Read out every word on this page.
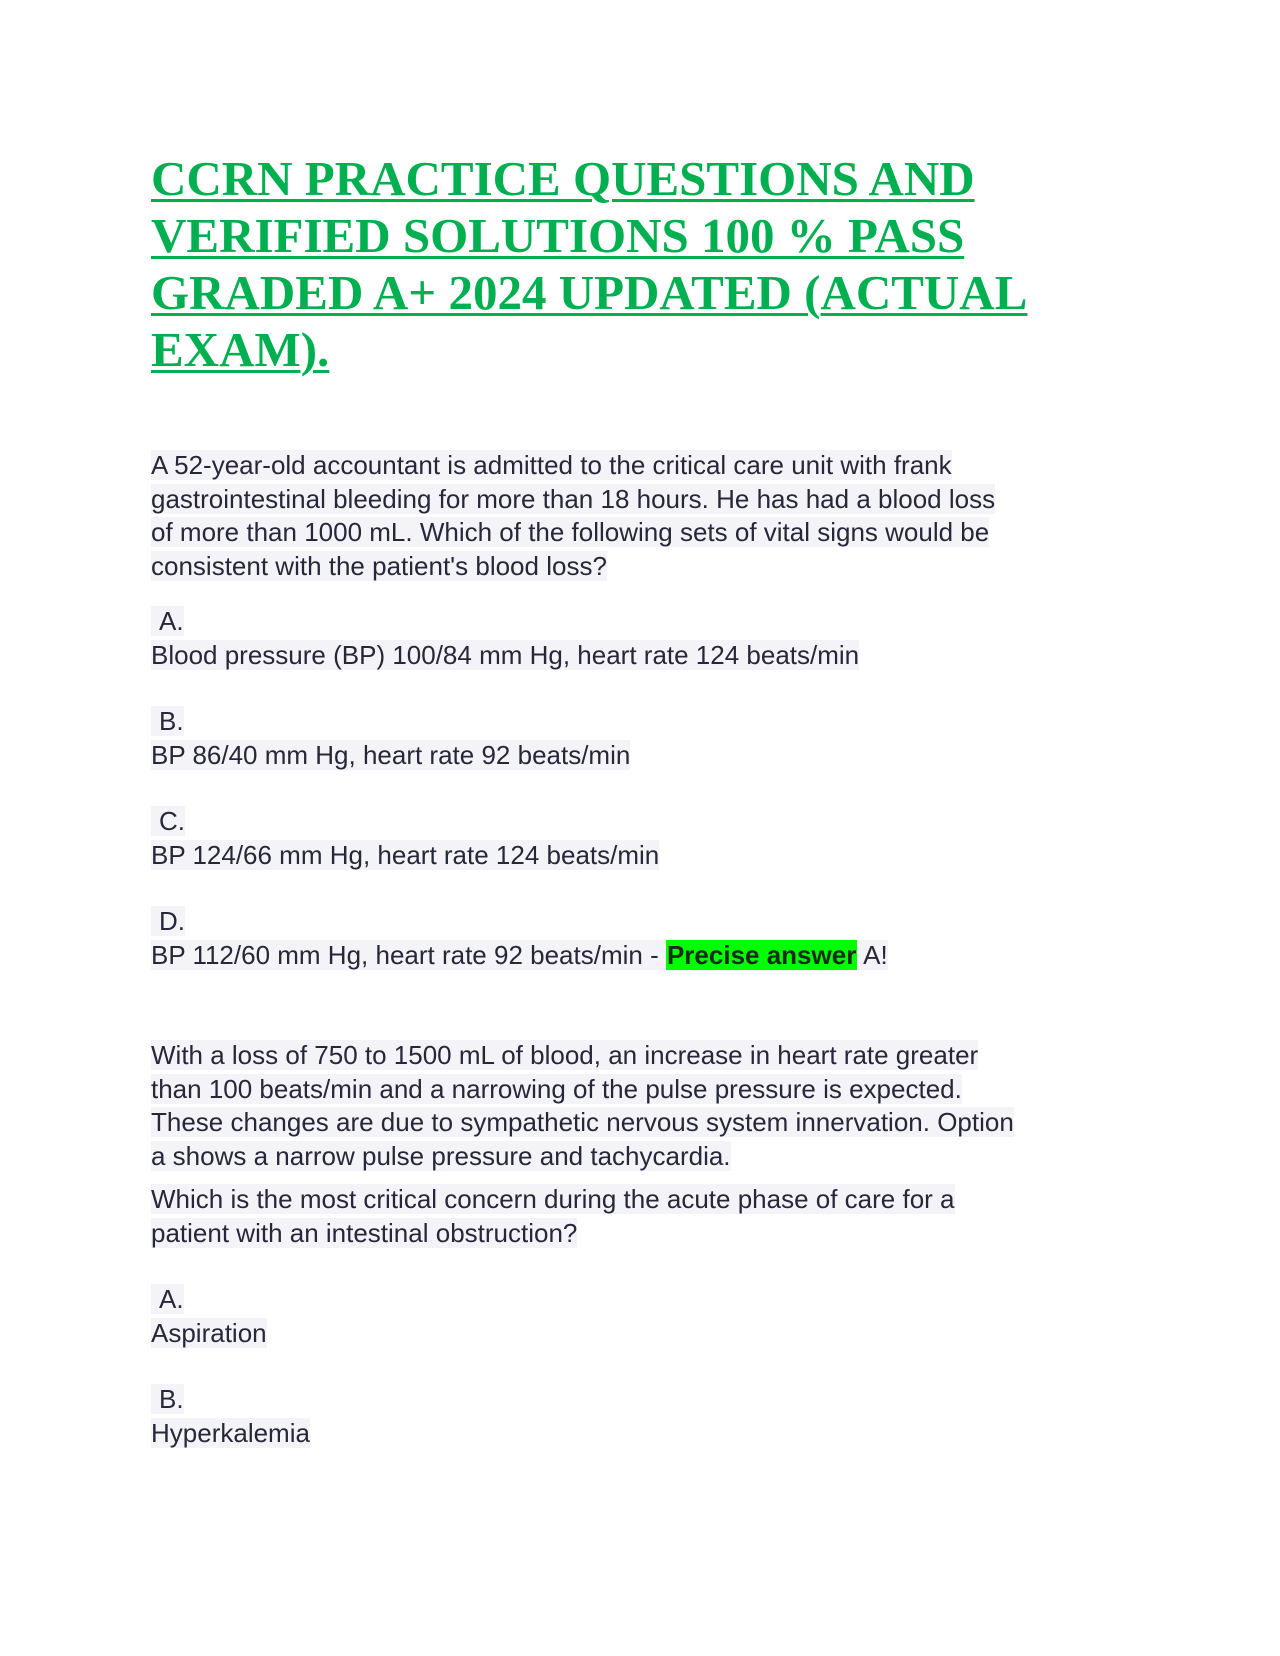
CCRN PRACTICE QUESTIONS AND
VERIFIED SOLUTIONS 100 % PASS
GRADED A+ 2024 UPDATED (ACTUAL
EXAM).

A 52-year-old accountant is admitted to the critical care unit with frank
gastrointestinal bleeding for more than 18 hours. He has had a blood loss
of more than 1000 mL. Which of the following sets of vital signs would be
consistent with the patient's blood loss?

A.
Blood pressure (BP) 100/84 mm Hg, heart rate 124 beats/min
B.
BP 86/40 mm Hg, heart rate 92 beats/min
C.
BP 124/66 mm Hg, heart rate 124 beats/min
D.
BP 112/60 mm Hg, heart rate 92 beats/min - Precise answer A!

With a loss of 750 to 1500 mL of blood, an increase in heart rate greater
than 100 beats/min and a narrowing of the pulse pressure is expected.
These changes are due to sympathetic nervous system innervation. Option
a shows a narrow pulse pressure and tachycardia.

Which is the most critical concern during the acute phase of care for a
patient with an intestinal obstruction?

A.
Aspiration
B.
Hyperkalemia
